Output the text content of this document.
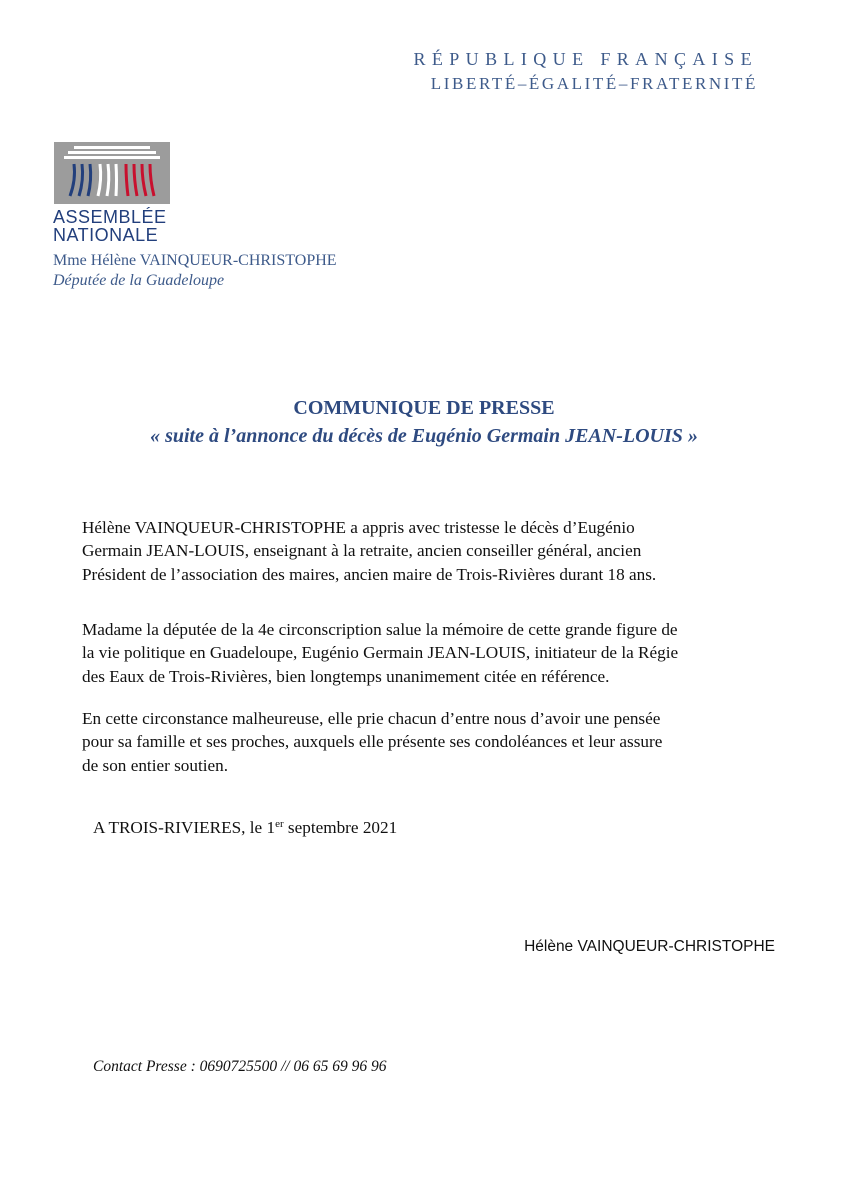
RÉPUBLIQUE FRANÇAISE
LIBERTÉ–ÉGALITÉ–FRATERNITÉ
ASSEMBLÉE
NATIONALE
Mme Hélène VAINQUEUR-CHRISTOPHE
Députée de la Guadeloupe
COMMUNIQUE DE PRESSE
« suite à l’annonce du décès de Eugénio Germain JEAN-LOUIS »
Hélène VAINQUEUR-CHRISTOPHE a appris avec tristesse le décès d’Eugénio
Germain JEAN-LOUIS, enseignant à la retraite, ancien conseiller général, ancien
Président de l’association des maires, ancien maire de Trois-Rivières durant 18 ans.
Madame la députée de la 4e circonscription salue la mémoire de cette grande figure de
la vie politique en Guadeloupe, Eugénio Germain JEAN-LOUIS, initiateur de la Régie
des Eaux de Trois-Rivières, bien longtemps unanimement citée en référence.
En cette circonstance malheureuse, elle prie chacun d’entre nous d’avoir une pensée
pour sa famille et ses proches, auxquels elle présente ses condoléances et leur assure
de son entier soutien.
A TROIS-RIVIERES, le 1er septembre 2021
Hélène VAINQUEUR-CHRISTOPHE
Contact Presse : 0690725500 // 06 65 69 96 96
